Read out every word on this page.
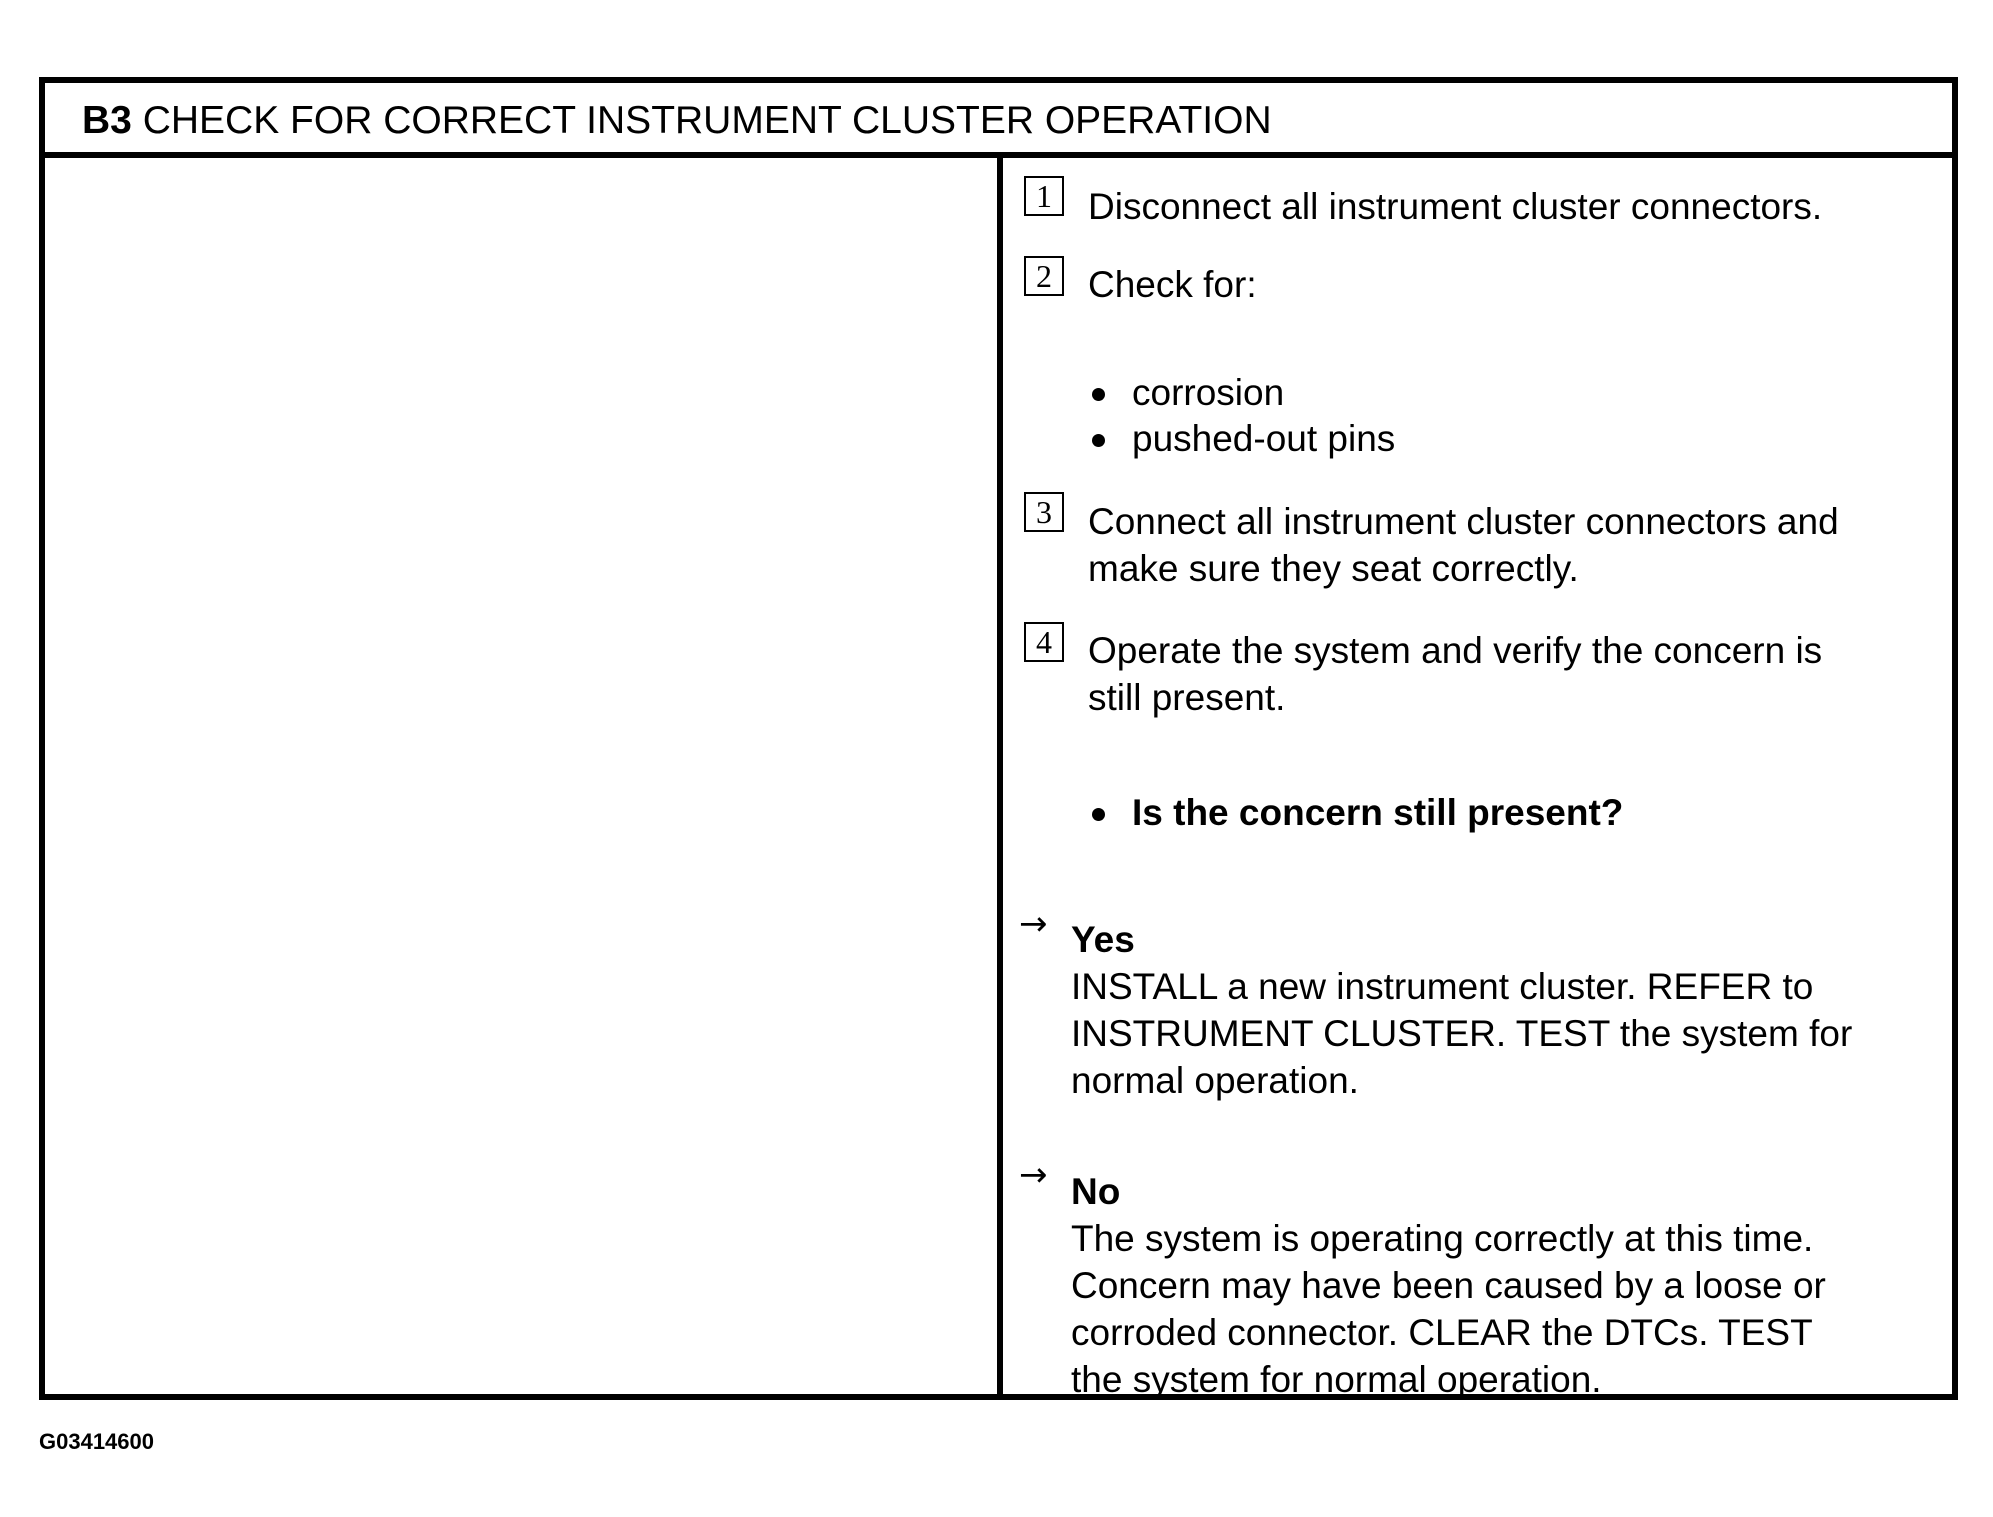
B3 CHECK FOR CORRECT INSTRUMENT CLUSTER OPERATION
1 Disconnect all instrument cluster connectors.
2 Check for:
corrosion
pushed-out pins
3 Connect all instrument cluster connectors and
make sure they seat correctly.
4 Operate the system and verify the concern is
still present.
Is the concern still present?
→ Yes
INSTALL a new instrument cluster. REFER to
INSTRUMENT CLUSTER. TEST the system for
normal operation.
→ No
The system is operating correctly at this time.
Concern may have been caused by a loose or
corroded connector. CLEAR the DTCs. TEST
the system for normal operation.
G03414600
